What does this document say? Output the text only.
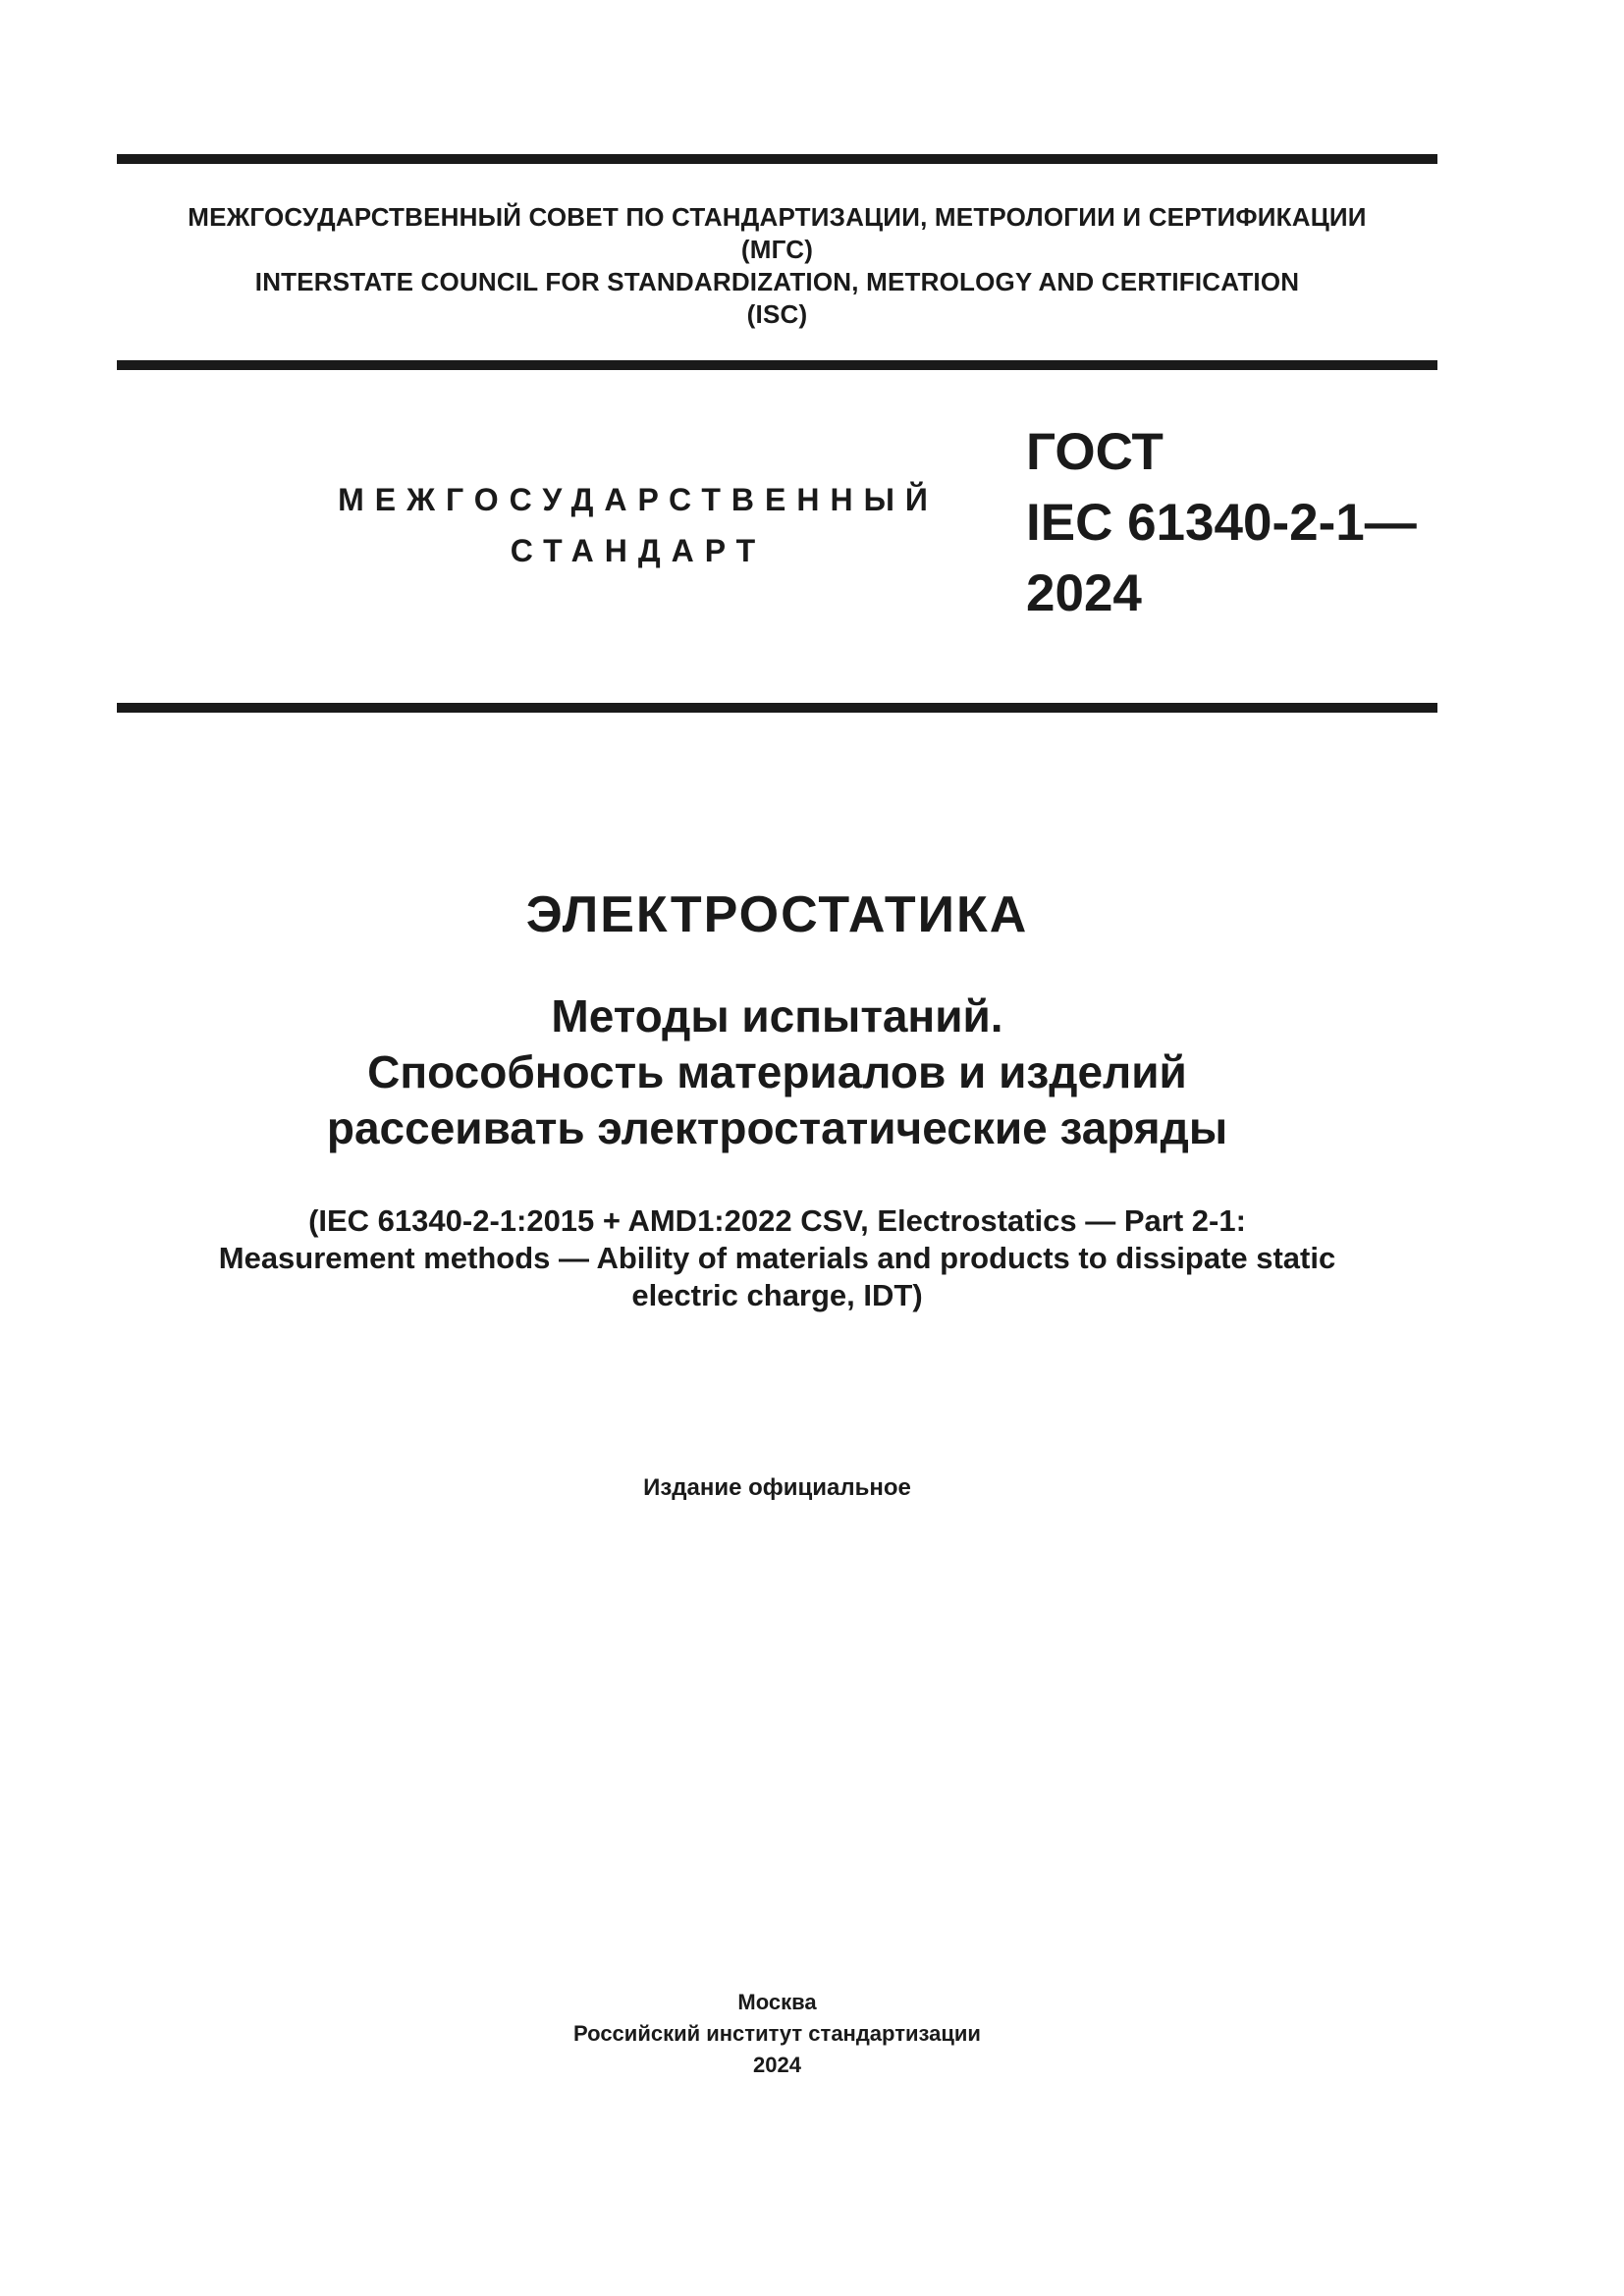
МЕЖГОСУДАРСТВЕННЫЙ СОВЕТ ПО СТАНДАРТИЗАЦИИ, МЕТРОЛОГИИ И СЕРТИФИКАЦИИ
(МГС)
INTERSTATE COUNCIL FOR STANDARDIZATION, METROLOGY AND CERTIFICATION
(ISC)
МЕЖГОСУДАРСТВЕННЫЙ
СТАНДАРТ
ГОСТ
IEC 61340-2-1—
2024
ЭЛЕКТРОСТАТИКА
Методы испытаний.
Способность материалов и изделий
рассеивать электростатические заряды
(IEC 61340-2-1:2015 + AMD1:2022 CSV, Electrostatics — Part 2-1:
Measurement methods — Ability of materials and products to dissipate static
electric charge, IDT)
Издание официальное
Москва
Российский институт стандартизации
2024
